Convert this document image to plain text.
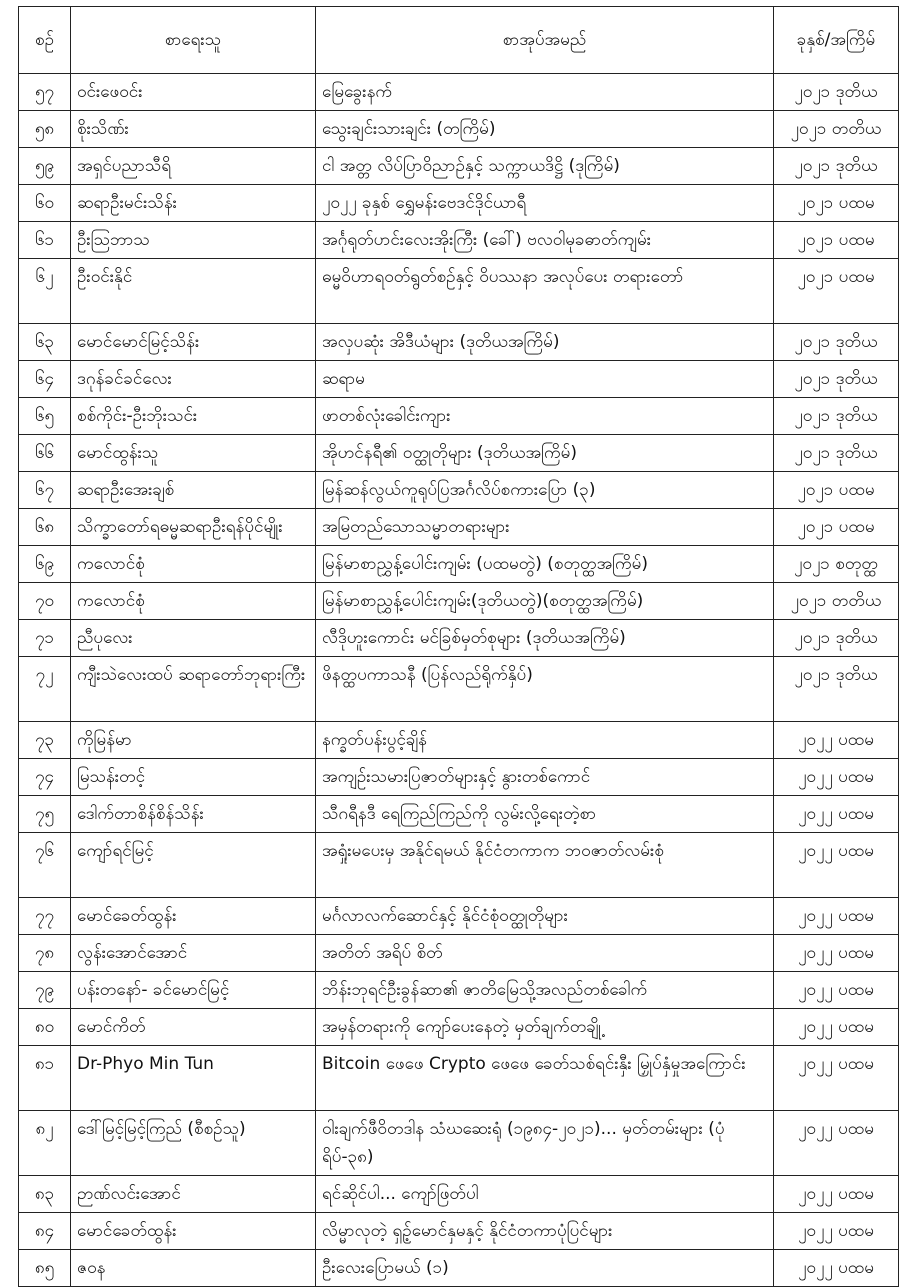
စဉ်	စာရေးသူ	စာအုပ်အမည်	ခုနှစ်/အကြိမ်
၅၇	ဝင်းဖေဝင်း	မြေခွေးနက်	၂၀၂၁ ဒုတိယ
၅၈	စိုးသိဏ်း	သွေးချင်းသားချင်း (တကြိမ်)	၂၀၂၁ တတိယ
၅၉	အရှင်ပညာသီရိ	ငါ အတ္တ လိပ်ပြာဝိညာဉ်နှင့် သက္ကာယဒိဋ္ဌိ (ဒုကြိမ်)	၂၀၂၁ ဒုတိယ
၆၀	ဆရာဦးမင်းသိန်း	၂၀၂၂ ခုနှစ် ရွှေမန်းဗေဒင်ဒိုင်ယာရီ	၂၀၂၁ ပထမ
၆၁	ဦးဩဘာသ	အင်္ဂုရုတ်ပာင်းလေးအိုးကြီး (ခေါ်) ဗလဝါမုခဓာတ်ကျမ်း	၂၀၂၁ ပထမ
၆၂	ဦးဝင်းနိုင်	ဓမ္မဝိဟာရဝတ်ရွတ်စဉ်နှင့် ဝိပဿနာ အလုပ်ပေး တရားတော်	၂၀၂၁ ပထမ
၆၃	မောင်မောင်မြင့်သိန်း	အလှပဆုံး အိဒီယံများ (ဒုတိယအကြိမ်)	၂၀၂၁ ဒုတိယ
၆၄	ဒဂုန်ခင်ခင်လေး	ဆရာမ	၂၀၂၁ ဒုတိယ
၆၅	စစ်ကိုင်း-ဦးဘိုးသင်း	ဖာတစ်လုံးခေါင်းကျား	၂၀၂၁ ဒုတိယ
၆၆	မောင်ထွန်းသူ	အိုဟင်နရီ၏ ဝတ္ထုတိုများ (ဒုတိယအကြိမ်)	၂၀၂၁ ဒုတိယ
၆၇	ဆရာဦးအေးချစ်	မြန်ဆန်လွယ်ကူရုပ်ပြအင်္ဂလိပ်စကားပြော (၃)	၂၀၂၁ ပထမ
၆၈	သိက္ခာတော်ရဓမ္မဆရာဦးရန်ပိုင်မျိုး	အမြတည်သောသမ္မာတရားများ	၂၀၂၁ ပထမ
၆၉	ကလောင်စုံ	မြန်မာစာညွှန့်ပေါင်းကျမ်း (ပထမတွဲ) (စတုတ္ထအကြိမ်)	၂၀၂၁ စတုတ္ထ
၇၀	ကလောင်စုံ	မြန်မာစာညွှန့်ပေါင်းကျမ်း(ဒုတိယတွဲ)(စတုတ္ထအကြိမ်)	၂၀၂၁ တတိယ
၇၁	ညီပုလေး	လီဒိုဟူးကောင်း မင်ခြစ်မှတ်စုများ (ဒုတိယအကြိမ်)	၂၀၂၁ ဒုတိယ
၇၂	ကျီးသဲလေးထပ် ဆရာတော်ဘုရားကြီး	ဖိနတ္ထပကာသနီ (ပြန်လည်ရိုက်နှိပ်)	၂၀၂၁ ဒုတိယ
၇၃	ကိုမြန်မာ	နက္ခတ်ပန်းပွင့်ချိန်	၂၀၂၂ ပထမ
၇၄	မြသန်းတင့်	အကျဉ်းသမားပြဇာတ်များနှင့် နွားတစ်ကောင်	၂၀၂၂ ပထမ
၇၅	ဒေါက်တာစိန်စိန်သိန်း	သီဂရီနဒီ ရေကြည်ကြည်ကို လွမ်းလို့ရေးတဲ့စာ	၂၀၂၂ ပထမ
၇၆	ကျော်ရင်မြင့်	အရှုံးမပေးမှ အနိုင်ရမယ် နိုင်ငံတကာက ဘဝဇာတ်လမ်းစုံ	၂၀၂၂ ပထမ
၇၇	မောင်ခေတ်ထွန်း	မင်္ဂလာလက်ဆောင်နှင့် နိုင်ငံစုံဝတ္ထုတိုများ	၂၀၂၂ ပထမ
၇၈	လွန်းအောင်အောင်	အတိတ် အရိပ် စိတ်	၂၀၂၂ ပထမ
၇၉	ပန်းတနော်- ခင်မောင်မြင့်	ဘိန်းဘုရင်ဦးခွန်ဆာ၏ ဇာတိမြေသို့အလည်တစ်ခေါက်	၂၀၂၂ ပထမ
၈၀	မောင်ကိတ်	အမှန်တရားကို ကျော်ပေးနေတဲ့ မှတ်ချက်တချို့	၂၀၂၂ ပထမ
၈၁	Dr-Phyo Min Tun	Bitcoin ဖေဖေ Crypto ဖေဖေ ခေတ်သစ်ရင်းနှီး မြှုပ်နှံမှုအကြောင်း	၂၀၂၂ ပထမ
၈၂	ဒေါ်မြင့်မြင့်ကြည် (စီစဉ်သူ)	ဝါးချက်ဖီဝိတဒါန သံဃဆေးရုံ (၁၉၈၄-၂၀၂၁)... မှတ်တမ်းများ (ပုံရိပ်-၃၈)	၂၀၂၂ ပထမ
၈၃	ဉာဏ်လင်းအောင်	ရင်ဆိုင်ပါ... ကျော်ဖြတ်ပါ	၂၀၂၂ ပထမ
၈၄	မောင်ခေတ်ထွန်း	လိမ္မာလုတဲ့ ရှဉ့်မောင်နှမနှင့် နိုင်ငံတကာပုံပြင်များ	၂၀၂၂ ပထမ
၈၅	ဇဝန	ဦးလေးပြောမယ် (၁)	၂၀၂၂ ပထမ
